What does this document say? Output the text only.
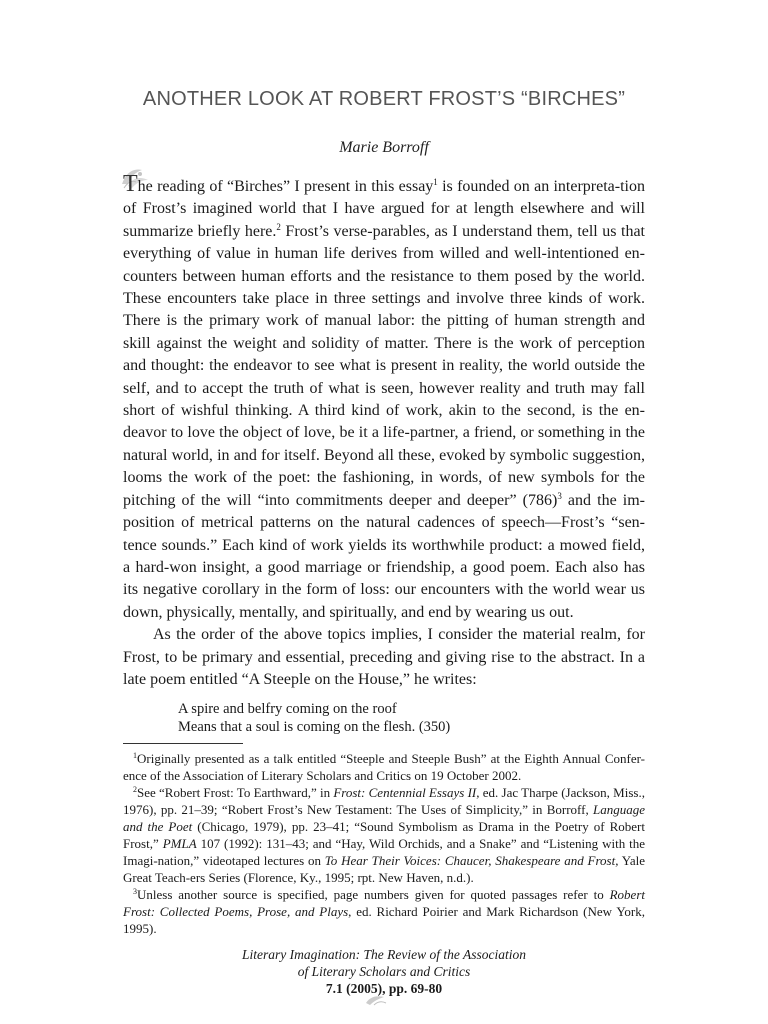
ANOTHER LOOK AT ROBERT FROST’S “BIRCHES”
Marie Borroff

The reading of “Birches” I present in this essay$^1$ is founded on an interpreta-tion of Frost’s imagined world that I have argued for at length elsewhere and will summarize briefly here.$^2$ Frost’s verse-parables, as I understand them, tell us that everything of value in human life derives from willed and well-intentioned en-counters between human efforts and the resistance to them posed by the world. These encounters take place in three settings and involve three kinds of work. There is the primary work of manual labor: the pitting of human strength and skill against the weight and solidity of matter. There is the work of perception and thought: the endeavor to see what is present in reality, the world outside the self, and to accept the truth of what is seen, however reality and truth may fall short of wishful thinking. A third kind of work, akin to the second, is the en-deavor to love the object of love, be it a life-partner, a friend, or something in the natural world, in and for itself. Beyond all these, evoked by symbolic suggestion, looms the work of the poet: the fashioning, in words, of new symbols for the pitching of the will “into commitments deeper and deeper” (786)$^3$ and the im-position of metrical patterns on the natural cadences of speech—Frost’s “sen-tence sounds.” Each kind of work yields its worthwhile product: a mowed field, a hard-won insight, a good marriage or friendship, a good poem. Each also has its negative corollary in the form of loss: our encounters with the world wear us down, physically, mentally, and spiritually, and end by wearing us out.

As the order of the above topics implies, I consider the material realm, for Frost, to be primary and essential, preceding and giving rise to the abstract. In a late poem entitled “A Steeple on the House,” he writes:

A spire and belfry coming on the roof
Means that a soul is coming on the flesh. (350)

$^1$Originally presented as a talk entitled “Steeple and Steeple Bush” at the Eighth Annual Confer-ence of the Association of Literary Scholars and Critics on 19 October 2002.

$^2$See “Robert Frost: To Earthward,” in Frost: Centennial Essays II, ed. Jac Tharpe (Jackson, Miss., 1976), pp. 21–39; “Robert Frost’s New Testament: The Uses of Simplicity,” in Borroff, Language and the Poet (Chicago, 1979), pp. 23–41; “Sound Symbolism as Drama in the Poetry of Robert Frost,” PMLA 107 (1992): 131–43; and “Hay, Wild Orchids, and a Snake” and “Listening with the Imagi-nation,” videotaped lectures on To Hear Their Voices: Chaucer, Shakespeare and Frost, Yale Great Teach-ers Series (Florence, Ky., 1995; rpt. New Haven, n.d.).

$^3$Unless another source is specified, page numbers given for quoted passages refer to Robert Frost: Collected Poems, Prose, and Plays, ed. Richard Poirier and Mark Richardson (New York, 1995).

Literary Imagination: The Review of the Association
of Literary Scholars and Critics
7.1 (2005), pp. 69-80
